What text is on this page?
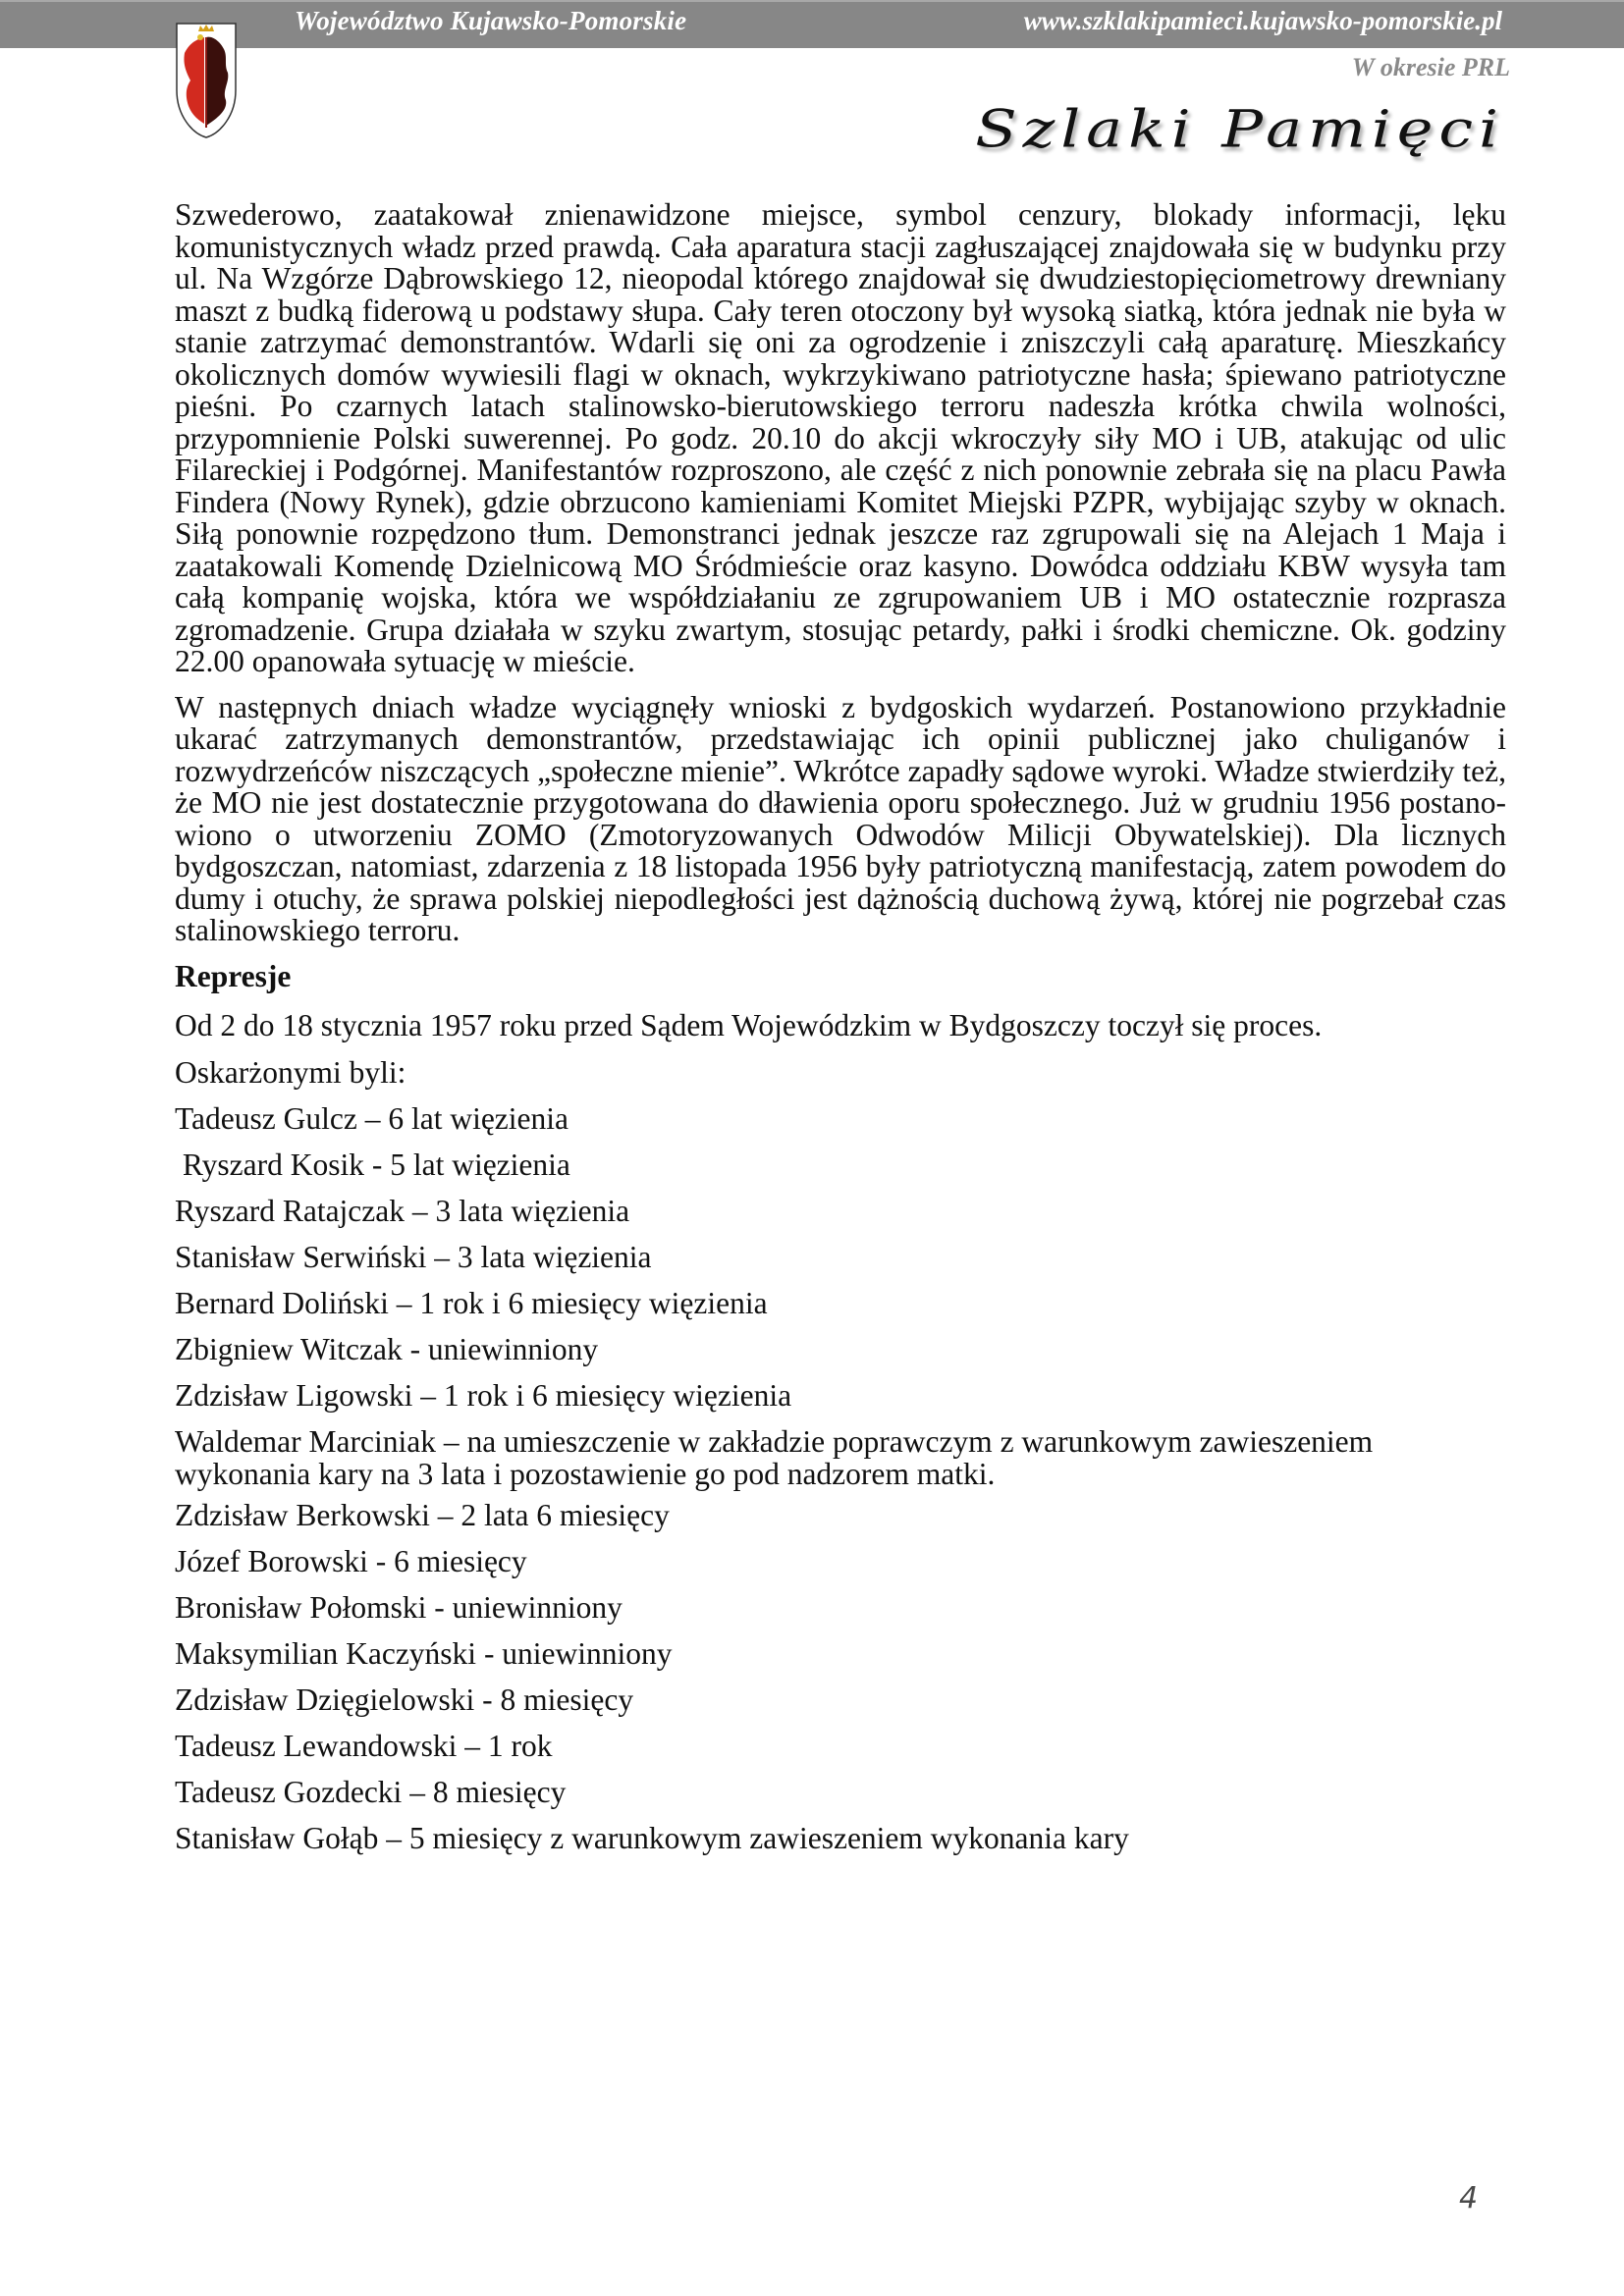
Województwo Kujawsko-Pomorskie	www.szklakipamieci.kujawsko-pomorskie.pl
W okresie PRL
Szlaki Pamięci

Szwederowo, zaatakował znienawidzone miejsce, symbol cenzury, blokady informacji, lęku komunistycznych władz przed prawdą. Cała aparatura stacji zagłuszającej znajdowała się w budynku przy ul. Na Wzgórze Dąbrowskiego 12, nieopodal którego znajdował się dwudziestopięciometrowy drewniany maszt z budką fiderową u podstawy słupa. Cały teren otoczony był wysoką siatką, która jednak nie była w stanie zatrzymać demonstrantów. Wdarli się oni za ogrodzenie i zniszczyli całą aparaturę. Mieszkańcy okolicznych domów wywiesili flagi w oknach, wykrzykiwano patriotyczne hasła; śpiewano patriotyczne pieśni. Po czarnych latach stalinowsko-bierutowskiego terroru nadeszła krótka chwila wolności, przypomnienie Polski suwerennej. Po godz. 20.10 do akcji wkroczyły siły MO i UB, atakując od ulic Filareckiej i Podgórnej. Manifestantów rozproszono, ale część z nich ponownie zebrała się na placu Pawła Findera (Nowy Rynek), gdzie obrzucono kamieniami Komitet Miejski PZPR, wybijając szyby w oknach. Siłą ponownie rozpędzono tłum. Demonstranci jednak jeszcze raz zgrupowali się na Alejach 1 Maja i zaatakowali Komendę Dzielnicową MO Śródmieście oraz kasyno. Dowódca oddziału KBW wysyła tam całą kompanię wojska, która we współdziałaniu ze zgrupowaniem UB i MO ostatecznie rozprasza zgromadzenie. Grupa działała w szyku zwartym, stosując petardy, pałki i środki chemiczne. Ok. godziny 22.00 opanowała sytuację w mieście.

W następnych dniach władze wyciągnęły wnioski z bydgoskich wydarzeń. Postanowiono przykładnie ukarać zatrzymanych demonstrantów, przedstawiając ich opinii publicznej jako chuliganów i rozwydrzeńców niszczących „społeczne mienie”. Wkrótce zapadły sądowe wyroki. Władze stwierdziły też, że MO nie jest dostatecznie przygotowana do dławienia oporu społecznego. Już w grudniu 1956 postano-wiono o utworzeniu ZOMO (Zmotoryzowanych Odwodów Milicji Obywatelskiej). Dla licznych bydgoszczan, natomiast, zdarzenia z 18 listopada 1956 były patriotyczną manifestacją, zatem powodem do dumy i otuchy, że sprawa polskiej niepodległości jest dążnością duchową żywą, której nie pogrzebał czas stalinowskiego terroru.

Represje
Od 2 do 18 stycznia 1957 roku przed Sądem Wojewódzkim w Bydgoszczy toczył się proces.
Oskarżonymi byli:
Tadeusz Gulcz – 6 lat więzienia
Ryszard Kosik - 5 lat więzienia
Ryszard Ratajczak – 3 lata więzienia
Stanisław Serwiński – 3 lata więzienia
Bernard Doliński – 1 rok i 6 miesięcy więzienia
Zbigniew Witczak - uniewinniony
Zdzisław Ligowski – 1 rok i 6 miesięcy więzienia
Waldemar Marciniak – na umieszczenie w zakładzie poprawczym z warunkowym zawieszeniem wykonania kary na 3 lata i pozostawienie go pod nadzorem matki.
Zdzisław Berkowski – 2 lata 6 miesięcy
Józef Borowski - 6 miesięcy
Bronisław Połomski - uniewinniony
Maksymilian Kaczyński - uniewinniony
Zdzisław Dzięgielowski - 8 miesięcy
Tadeusz Lewandowski – 1 rok
Tadeusz Gozdecki – 8 miesięcy
Stanisław Gołąb – 5 miesięcy z warunkowym zawieszeniem wykonania kary
4
